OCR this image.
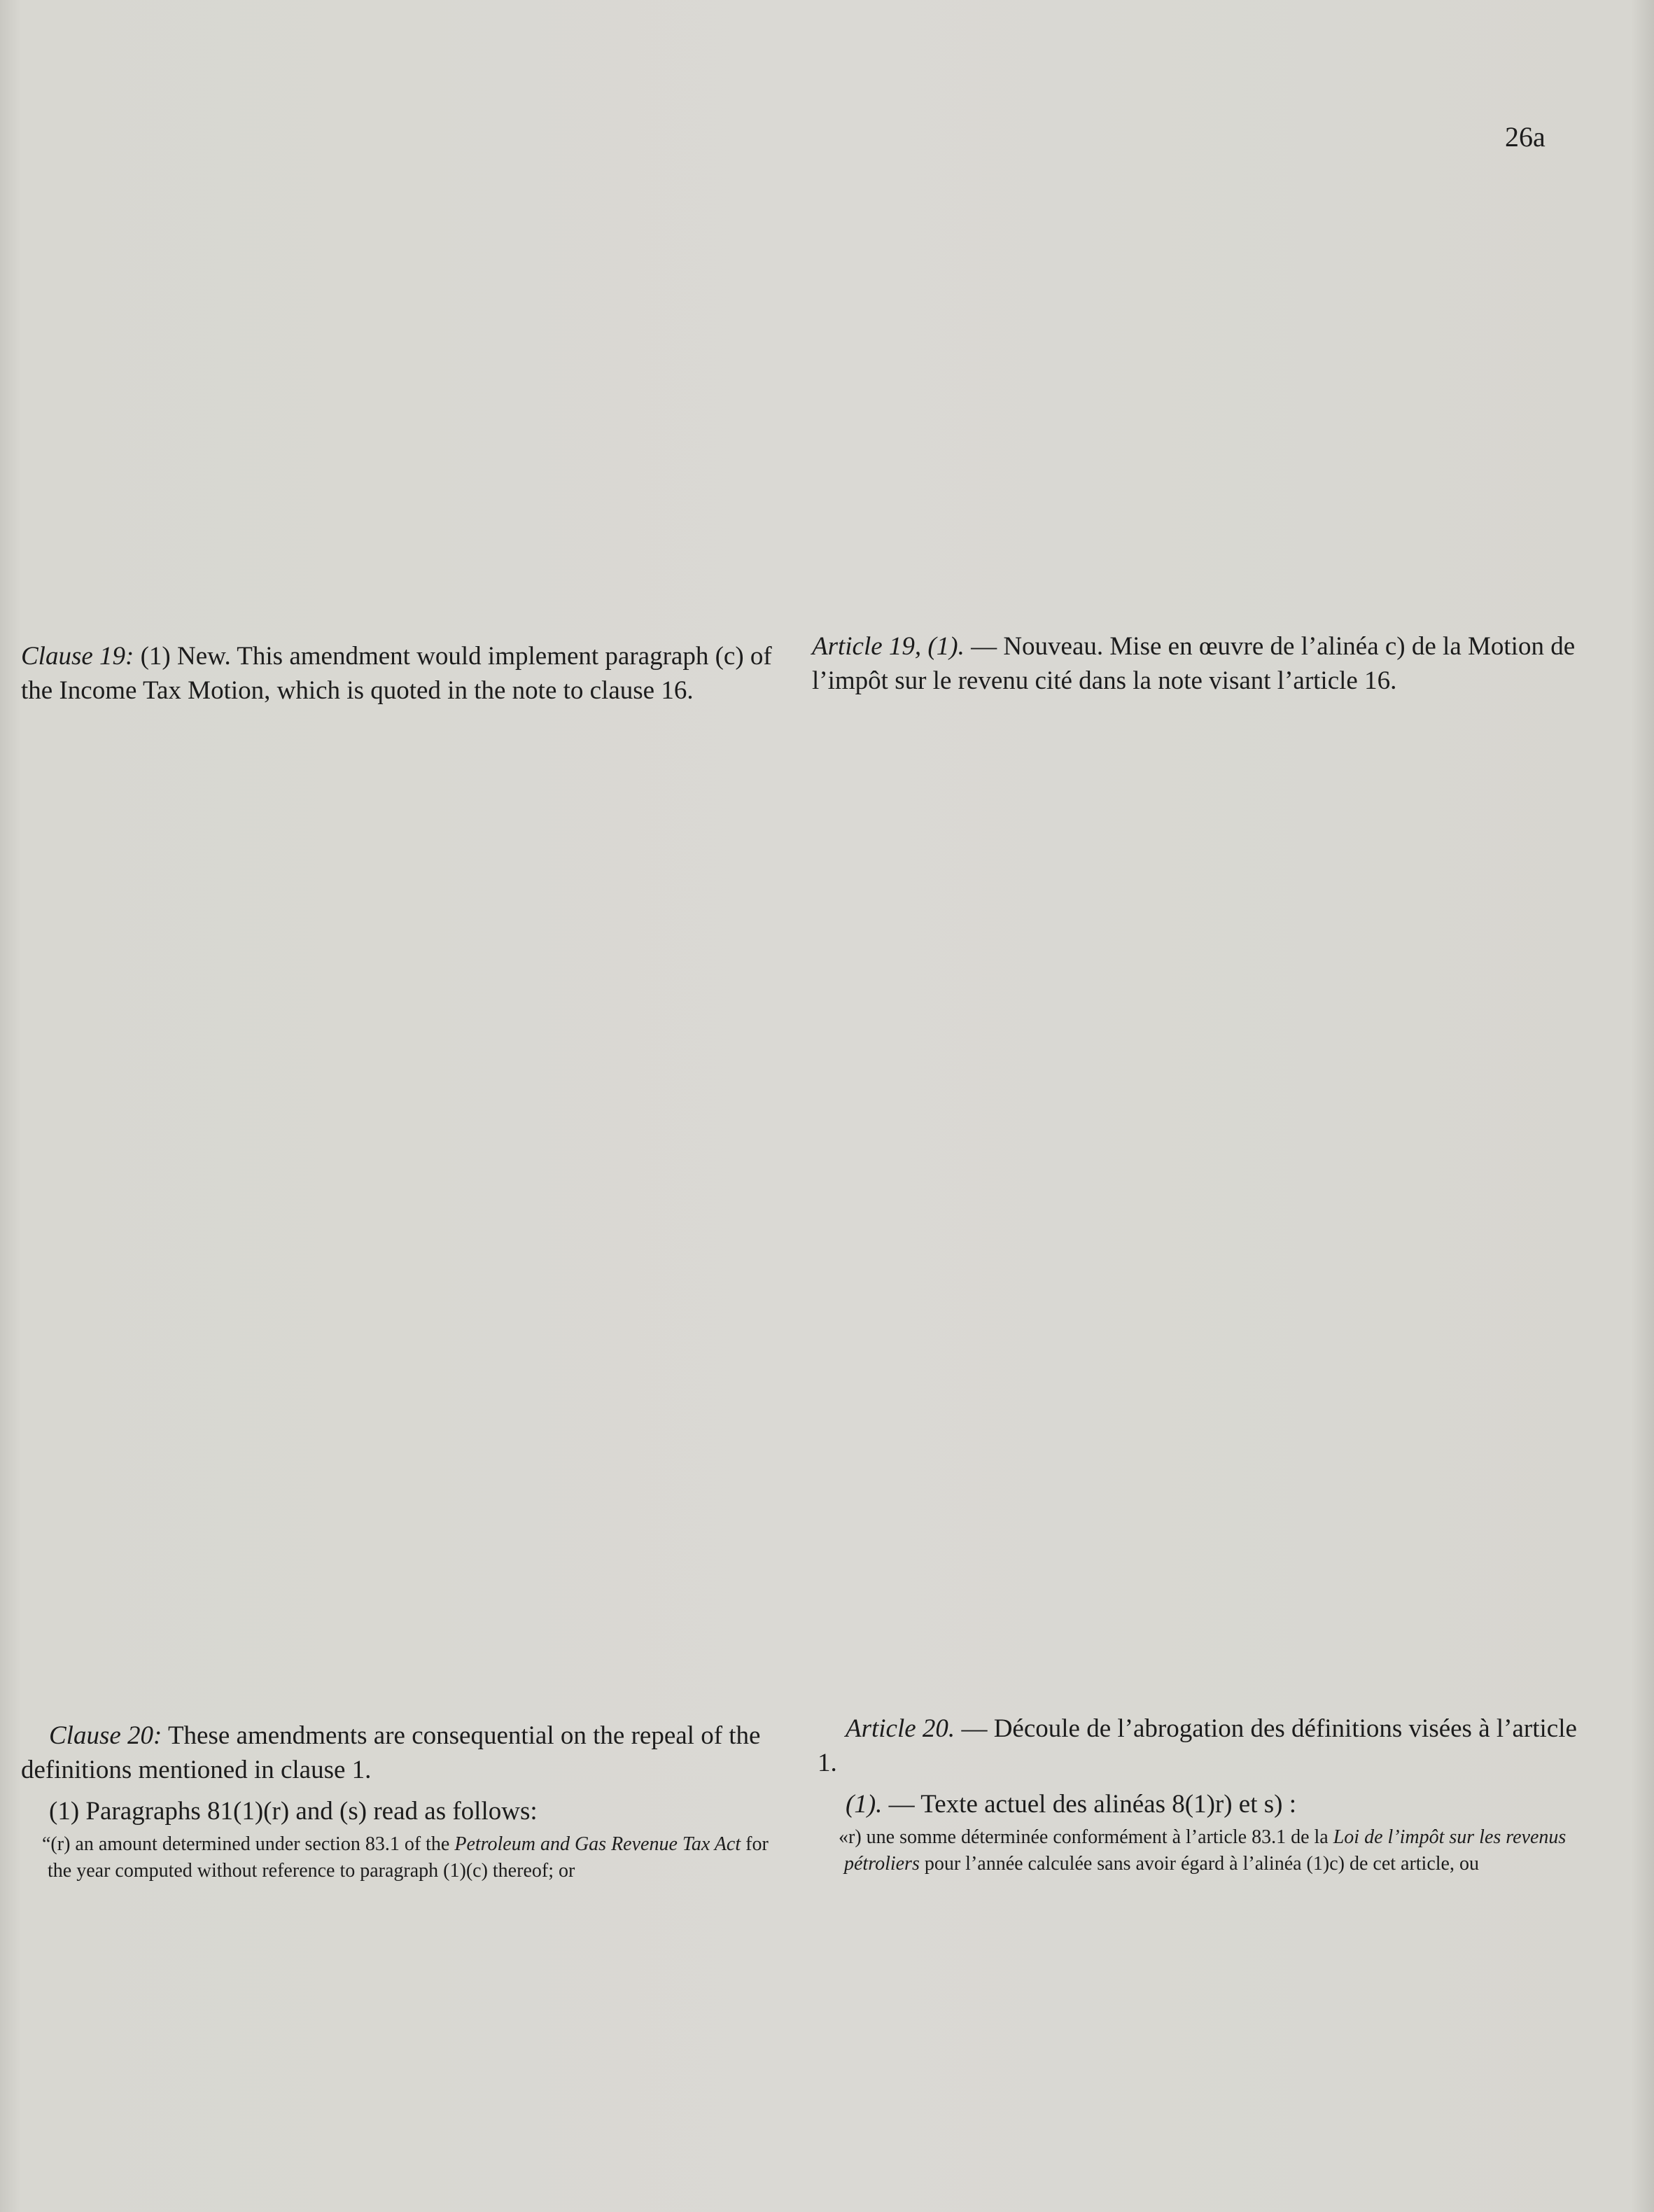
26a

Clause 19: (1) New. This amendment would implement paragraph (c) of the Income Tax Motion, which is quoted in the note to clause 16.

Article 19, (1). — Nouveau. Mise en œuvre de l’alinéa c) de la Motion de l’impôt sur le revenu cité dans la note visant l’article 16.

Clause 20: These amendments are consequential on the repeal of the definitions mentioned in clause 1.

(1) Paragraphs 81(1)(r) and (s) read as follows:

“(r) an amount determined under section 83.1 of the Petroleum and Gas Revenue Tax Act for the year computed without reference to paragraph (1)(c) thereof; or

Article 20. — Découle de l’abrogation des définitions visées à l’article 1.

(1). — Texte actuel des alinéas 8(1)r) et s) :

«r) une somme déterminée conformément à l’article 83.1 de la Loi de l’impôt sur les revenus pétroliers pour l’année calculée sans avoir égard à l’alinéa (1)c) de cet article, ou
